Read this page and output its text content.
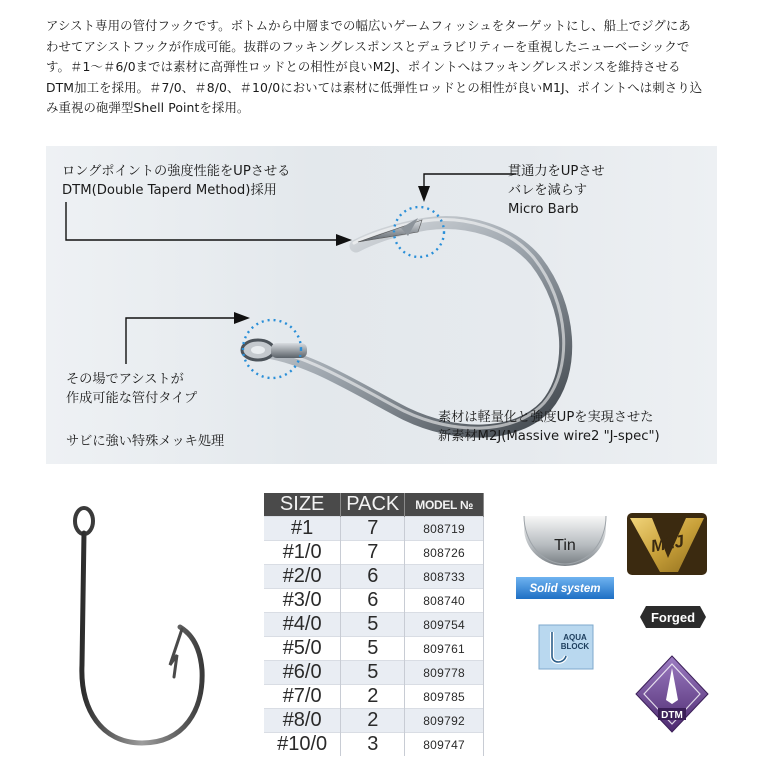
アシスト専用の管付フックです。ボトムから中層までの幅広いゲームフィッシュをターゲットにし、船上でジグにあ
わせてアシストフックが作成可能。抜群のフッキングレスポンスとデュラビリティーを重視したニューベーシックで
す。＃1〜＃6/0までは素材に高弾性ロッドとの相性が良いM2J、ポイントへはフッキングレスポンスを維持させる
DTM加工を採用。＃7/0、＃8/0、＃10/0においては素材に低弾性ロッドとの相性が良いM1J、ポイントへは刺さり込
み重視の砲弾型Shell Pointを採用。
ロングポイントの強度性能をUPさせる
DTM(Double Taperd Method)採用
貫通力をUPさせ
バレを減らす
Micro Barb
その場でアシストが
作成可能な管付タイプ
サビに強い特殊メッキ処理
素材は軽量化と強度UPを実現させた
新素材M2J(Massive wire2 "J-spec")
SIZE	PACK	MODEL №
#1	7	808719
#1/0	7	808726
#2/0	6	808733
#3/0	6	808740
#4/0	5	809754
#5/0	5	809761
#6/0	5	809778
#7/0	2	809785
#8/0	2	809792
#10/0	3	809747
Tin	M2J
Solid system
Forged
AQUA
BLOCK
DTM
